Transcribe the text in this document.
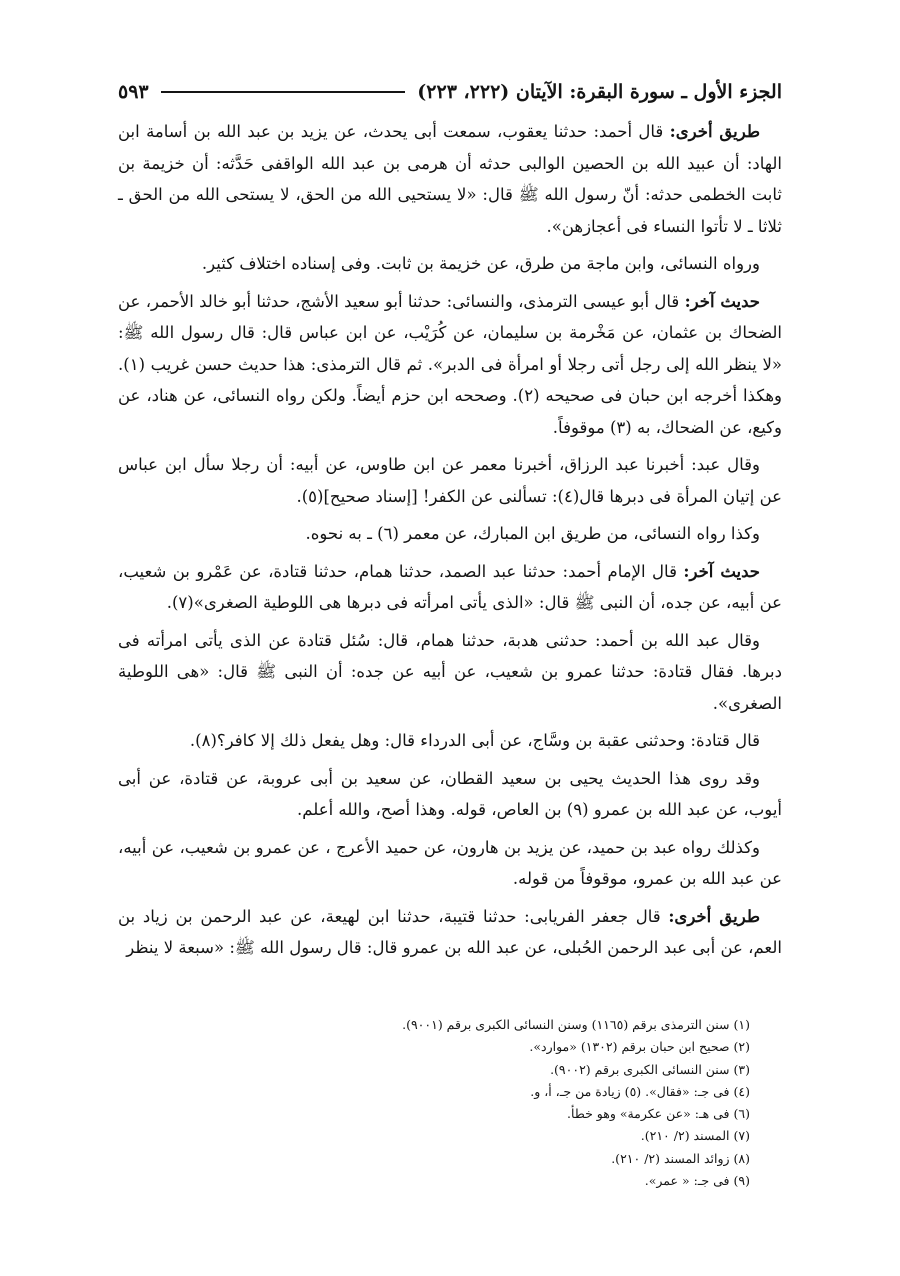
الجزء الأول ـ سورة البقرة: الآيتان (٢٢٢، ٢٢٣)
٥٩٣

طريق أخرى: قال أحمد: حدثنا يعقوب، سمعت أبى يحدث، عن يزيد بن عبد الله بن أسامة ابن الهاد: أن عبيد الله بن الحصين الوالبى حدثه أن هرمى بن عبد الله الواقفى حَدَّثه: أن خزيمة بن ثابت الخطمى حدثه: أنّ رسول الله ﷺ قال: «لا يستحيى الله من الحق، لا يستحى الله من الحق ـ ثلاثا ـ لا تأتوا النساء فى أعجازهن».

ورواه النسائى، وابن ماجة من طرق، عن خزيمة بن ثابت. وفى إسناده اختلاف كثير.

حديث آخر: قال أبو عيسى الترمذى، والنسائى: حدثنا أبو سعيد الأشج، حدثنا أبو خالد الأحمر، عن الضحاك بن عثمان، عن مَخْرمة بن سليمان، عن كُرَيْب، عن ابن عباس قال: قال رسول الله ﷺ: «لا ينظر الله إلى رجل أتى رجلا أو امرأة فى الدبر». ثم قال الترمذى: هذا حديث حسن غريب (١). وهكذا أخرجه ابن حبان فى صحيحه (٢). وصححه ابن حزم أيضاً. ولكن رواه النسائى، عن هناد، عن وكيع، عن الضحاك، به (٣) موقوفاً.

وقال عبد: أخبرنا عبد الرزاق، أخبرنا معمر عن ابن طاوس، عن أبيه: أن رجلا سأل ابن عباس عن إتيان المرأة فى دبرها قال(٤): تسألنى عن الكفر! [إسناد صحيح](٥).

وكذا رواه النسائى، من طريق ابن المبارك، عن معمر (٦) ـ به نحوه.

حديث آخر: قال الإمام أحمد: حدثنا عبد الصمد، حدثنا همام، حدثنا قتادة، عن عَمْرو بن شعيب، عن أبيه، عن جده، أن النبى ﷺ قال: «الذى يأتى امرأته فى دبرها هى اللوطية الصغرى»(٧).

وقال عبد الله بن أحمد: حدثنى هدبة، حدثنا همام، قال: سُئل قتادة عن الذى يأتى امرأته فى دبرها. فقال قتادة: حدثنا عمرو بن شعيب، عن أبيه عن جده: أن النبى ﷺ قال: «هى اللوطية الصغرى».

قال قتادة: وحدثنى عقبة بن وسَّاج، عن أبى الدرداء قال: وهل يفعل ذلك إلا كافر؟(٨).

وقد روى هذا الحديث يحيى بن سعيد القطان، عن سعيد بن أبى عروبة، عن قتادة، عن أبى أيوب، عن عبد الله بن عمرو (٩) بن العاص، قوله. وهذا أصح، والله أعلم.

وكذلك رواه عبد بن حميد، عن يزيد بن هارون، عن حميد الأعرج ، عن عمرو بن شعيب، عن أبيه، عن عبد الله بن عمرو، موقوفاً من قوله.

طريق أخرى: قال جعفر الفريابى: حدثنا قتيبة، حدثنا ابن لهيعة، عن عبد الرحمن بن زياد بن العم، عن أبى عبد الرحمن الحُبلى، عن عبد الله بن عمرو قال: قال رسول الله ﷺ: «سبعة لا ينظر

(١) سنن الترمذى برقم (١١٦٥) وسنن النسائى الكبرى برقم (٩٠٠١).
(٢) صحيح ابن حبان برقم (١٣٠٢) «موارد».
(٣) سنن النسائى الكبرى برقم (٩٠٠٢).
(٤) فى جـ: «فقال». (٥) زيادة من جـ، أ، و.
(٦) فى هـ: «عن عكرمة» وهو خطأ.
(٧) المسند (٢/ ٢١٠).
(٨) زوائد المسند (٢/ ٢١٠).
(٩) فى جـ: « عمر».
